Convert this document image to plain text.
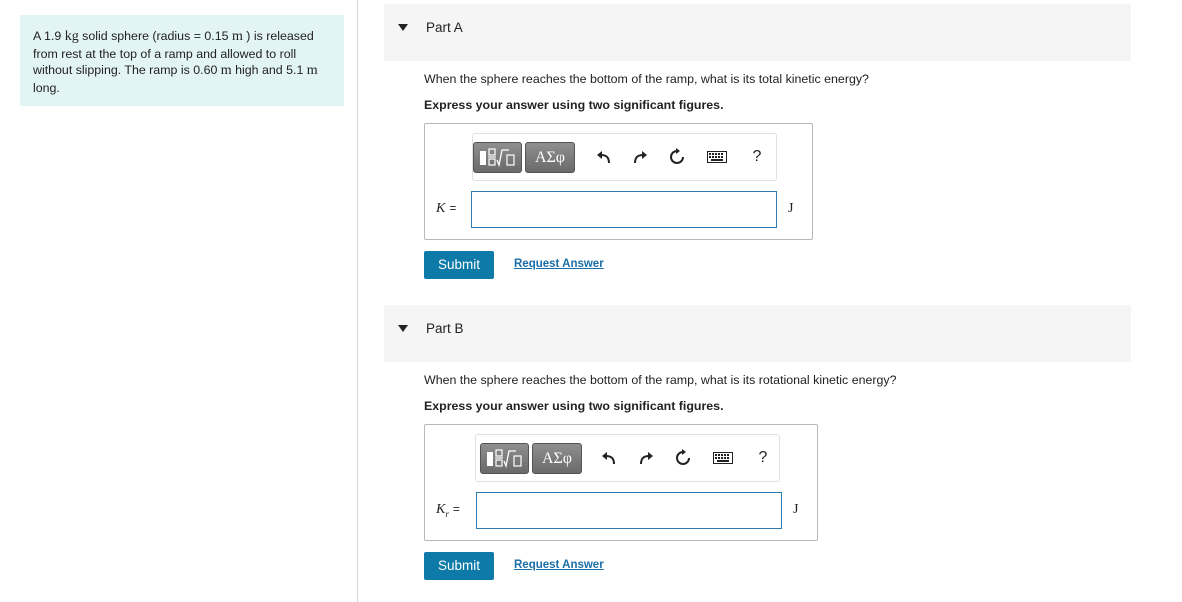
A 1.9 kg solid sphere (radius = 0.15 m ) is released from rest at the top of a ramp and allowed to roll without slipping. The ramp is 0.60 m high and 5.1 m long.
Part A
When the sphere reaches the bottom of the ramp, what is its total kinetic energy?
Express your answer using two significant figures.
ΑΣφ	?
K =	J
Submit	Request Answer
Part B
When the sphere reaches the bottom of the ramp, what is its rotational kinetic energy?
Express your answer using two significant figures.
ΑΣφ	?
$K_r$ =	J
Submit	Request Answer
